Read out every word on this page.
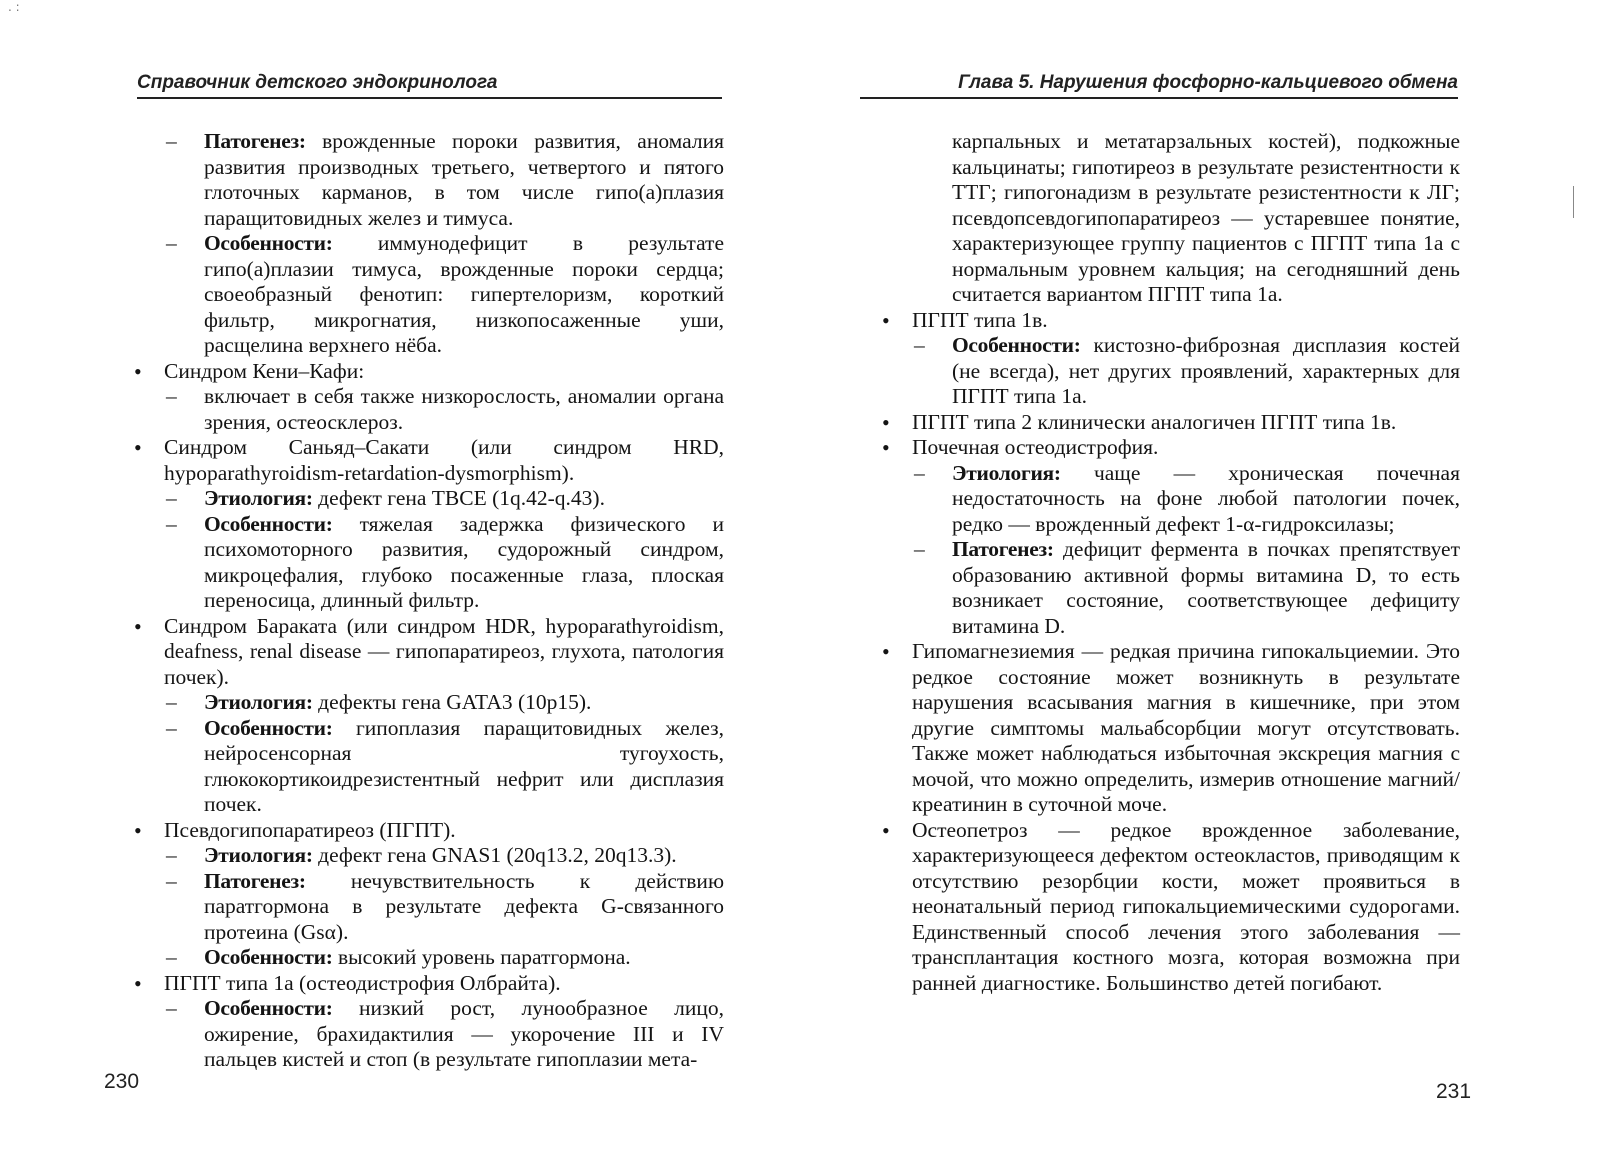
. :
Справочник детского эндокринолога

– Патогенез: врожденные пороки развития, аномалия развития производных третьего, четвертого и пятого глоточных карманов, в том числе гипо(а)плазия паращитовидных желез и тимуса.

– Особенности: иммунодефицит в результате гипо(а)плазии тимуса, врожденные пороки сердца; своеобразный фенотип: гипертелоризм, короткий фильтр, микрогнатия, низкопосаженные уши, расщелина верхнего нёба.

• Синдром Кени–Кафи:

– включает в себя также низкорослость, аномалии органа зрения, остеосклероз.

• Синдром Саньяд–Сакати (или синдром HRD, hypoparathyroidism-retardation-dysmorphism).

– Этиология: дефект гена TBCE (1q.42-q.43).

– Особенности: тяжелая задержка физического и психомоторного развития, судорожный синдром, микроцефалия, глубоко посаженные глаза, плоская переносица, длинный фильтр.

• Синдром Бараката (или синдром HDR, hypoparathyroidism, deafness, renal disease — гипопаратиреоз, глухота, патология почек).

– Этиология: дефекты гена GATA3 (10p15).

– Особенности: гипоплазия паращитовидных желез, нейросенсорная тугоухость, глюкокортикоидрезистентный нефрит или дисплазия почек.

• Псевдогипопаратиреоз (ПГПТ).

– Этиология: дефект гена GNAS1 (20q13.2, 20q13.3).

– Патогенез: нечувствительность к действию паратгормона в результате дефекта G-связанного протеина (Gsα).

– Особенности: высокий уровень паратгормона.

• ПГПТ типа 1а (остеодистрофия Олбрайта).

– Особенности: низкий рост, лунообразное лицо, ожирение, брахидактилия — укорочение III и IV пальцев кистей и стоп (в результате гипоплазии мета-

230
Глава 5. Нарушения фосфорно-кальциевого обмена

карпальных и метатарзальных костей), подкожные кальцинаты; гипотиреоз в результате резистентности к ТТГ; гипогонадизм в результате резистентности к ЛГ; псевдопсевдогипопаратиреоз — устаревшее понятие, характеризующее группу пациентов с ПГПТ типа 1а с нормальным уровнем кальция; на сегодняшний день считается вариантом ПГПТ типа 1а.

• ПГПТ типа 1в.

– Особенности: кистозно-фиброзная дисплазия костей (не всегда), нет других проявлений, характерных для ПГПТ типа 1а.

• ПГПТ типа 2 клинически аналогичен ПГПТ типа 1в.

• Почечная остеодистрофия.

– Этиология: чаще — хроническая почечная недостаточность на фоне любой патологии почек, редко — врожденный дефект 1-α-гидроксилазы;

– Патогенез: дефицит фермента в почках препятствует образованию активной формы витамина D, то есть возникает состояние, соответствующее дефициту витамина D.

• Гипомагнезиемия — редкая причина гипокальциемии. Это редкое состояние может возникнуть в результате нарушения всасывания магния в кишечнике, при этом другие симптомы мальабсорбции могут отсутствовать. Также может наблюдаться избыточная экскреция магния с мочой, что можно определить, измерив отношение магний/креатинин в суточной моче.

• Остеопетроз — редкое врожденное заболевание, характеризующееся дефектом остеокластов, приводящим к отсутствию резорбции кости, может проявиться в неонатальный период гипокальциемическими судорогами. Единственный способ лечения этого заболевания — трансплантация костного мозга, которая возможна при ранней диагностике. Большинство детей погибают.

231
